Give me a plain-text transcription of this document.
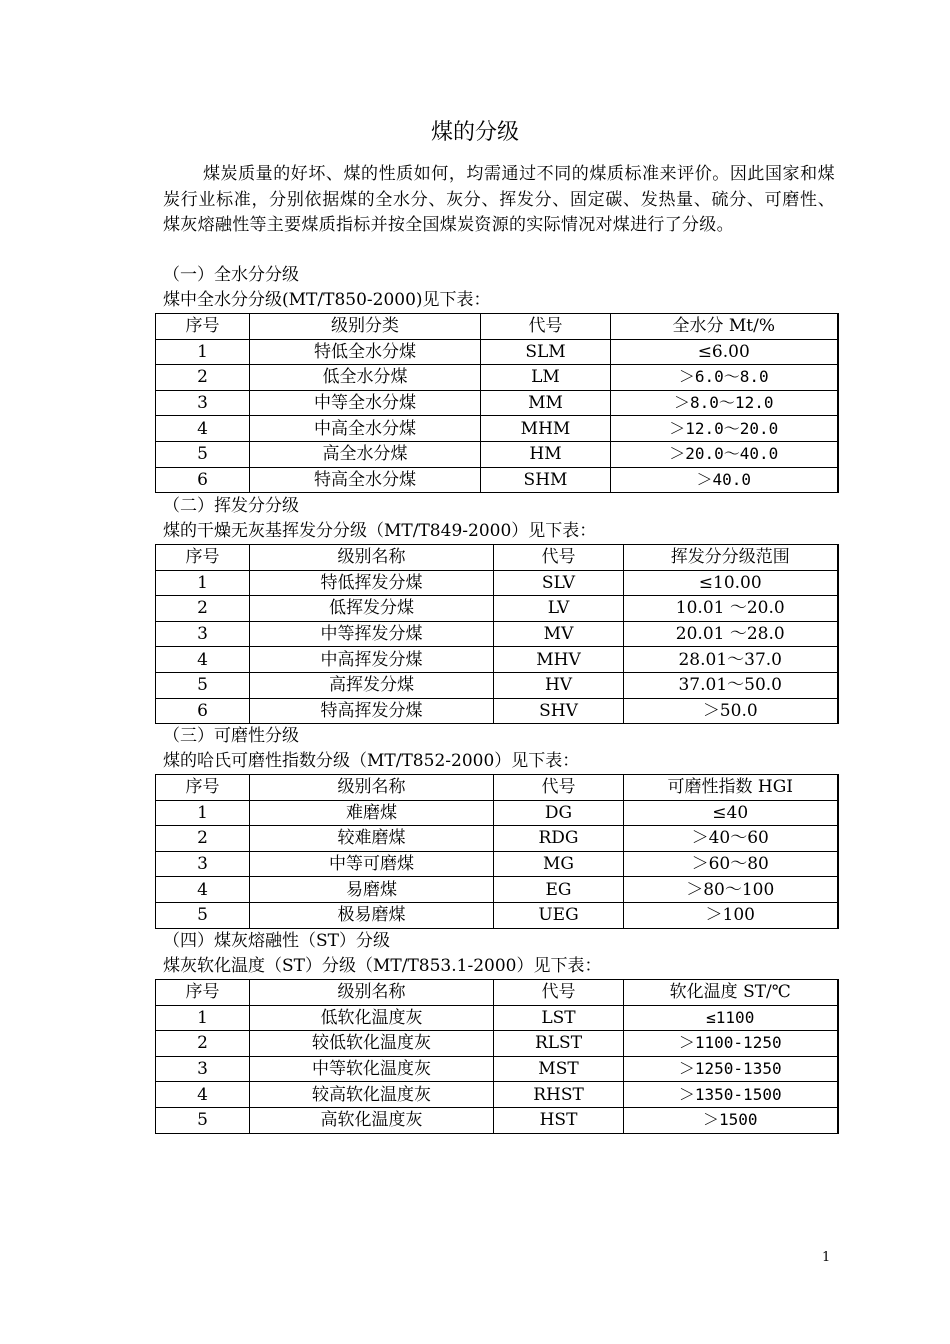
煤的分级
煤炭质量的好坏、煤的性质如何，均需通过不同的煤质标准来评价。因此国家和煤炭行业标准，分别依据煤的全水分、灰分、挥发分、固定碳、发热量、硫分、可磨性、煤灰熔融性等主要煤质指标并按全国煤炭资源的实际情况对煤进行了分级。
（一）全水分分级
煤中全水分分级(MT/T850-2000)见下表：
序号	级别分类	代号	全水分 Mt/%
1	特低全水分煤	SLM	≤6.00
2	低全水分煤	LM	＞6.0～8.0
3	中等全水分煤	MM	＞8.0～12.0
4	中高全水分煤	MHM	＞12.0～20.0
5	高全水分煤	HM	＞20.0～40.0
6	特高全水分煤	SHM	＞40.0
（二）挥发分分级
煤的干燥无灰基挥发分分级（MT/T849-2000）见下表：
序号	级别名称	代号	挥发分分级范围
1	特低挥发分煤	SLV	≤10.00
2	低挥发分煤	LV	10.01 ～20.0
3	中等挥发分煤	MV	20.01 ～28.0
4	中高挥发分煤	MHV	28.01～37.0
5	高挥发分煤	HV	37.01～50.0
6	特高挥发分煤	SHV	＞50.0
（三）可磨性分级
煤的哈氏可磨性指数分级（MT/T852-2000）见下表：
序号	级别名称	代号	可磨性指数 HGI
1	难磨煤	DG	≤40
2	较难磨煤	RDG	＞40～60
3	中等可磨煤	MG	＞60～80
4	易磨煤	EG	＞80～100
5	极易磨煤	UEG	＞100
（四）煤灰熔融性（ST）分级
煤灰软化温度（ST）分级（MT/T853.1-2000）见下表：
序号	级别名称	代号	软化温度 ST/℃
1	低软化温度灰	LST	≤1100
2	较低软化温度灰	RLST	＞1100-1250
3	中等软化温度灰	MST	＞1250-1350
4	较高软化温度灰	RHST	＞1350-1500
5	高软化温度灰	HST	＞1500
1
